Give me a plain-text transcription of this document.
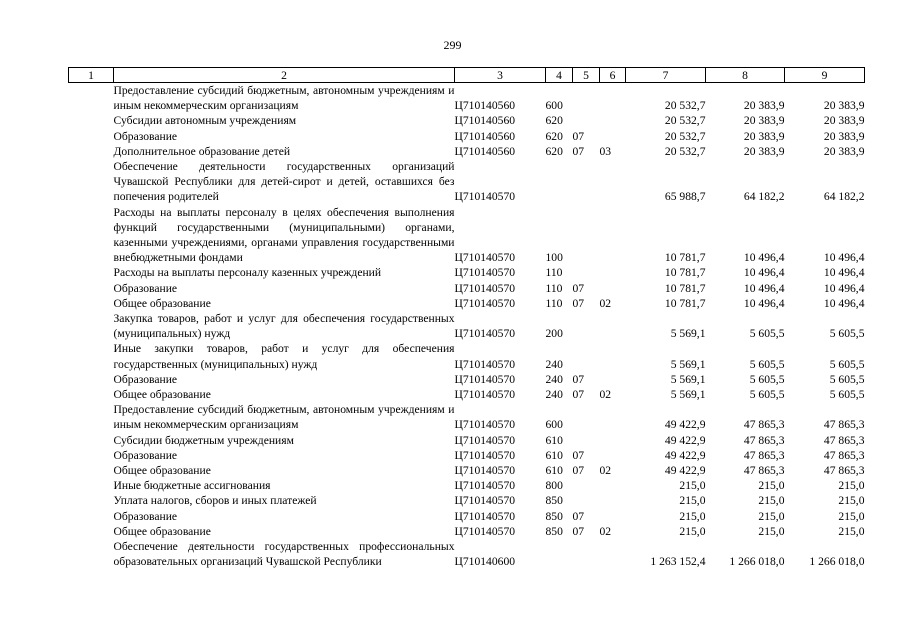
299
1	2	3	4	5	6	7	8	9
	Предоставление субсидий бюджетным, автономным учреждениям и иным некоммерческим организациям	Ц710140560	600			20 532,7	20 383,9	20 383,9
	Субсидии автономным учреждениям	Ц710140560	620			20 532,7	20 383,9	20 383,9
	Образование	Ц710140560	620	07		20 532,7	20 383,9	20 383,9
	Дополнительное образование детей	Ц710140560	620	07	03	20 532,7	20 383,9	20 383,9
	Обеспечение деятельности государственных организаций Чувашской Республики для детей-сирот и детей, оставшихся без попечения родителей	Ц710140570				65 988,7	64 182,2	64 182,2
	Расходы на выплаты персоналу в целях обеспечения выполнения функций государственными (муниципальными) органами, казенными учреждениями, органами управления государственными внебюджетными фондами	Ц710140570	100			10 781,7	10 496,4	10 496,4
	Расходы на выплаты персоналу казенных учреждений	Ц710140570	110			10 781,7	10 496,4	10 496,4
	Образование	Ц710140570	110	07		10 781,7	10 496,4	10 496,4
	Общее образование	Ц710140570	110	07	02	10 781,7	10 496,4	10 496,4
	Закупка товаров, работ и услуг для обеспечения государственных (муниципальных) нужд	Ц710140570	200			5 569,1	5 605,5	5 605,5
	Иные закупки товаров, работ и услуг для обеспечения государственных (муниципальных) нужд	Ц710140570	240			5 569,1	5 605,5	5 605,5
	Образование	Ц710140570	240	07		5 569,1	5 605,5	5 605,5
	Общее образование	Ц710140570	240	07	02	5 569,1	5 605,5	5 605,5
	Предоставление субсидий бюджетным, автономным учреждениям и иным некоммерческим организациям	Ц710140570	600			49 422,9	47 865,3	47 865,3
	Субсидии бюджетным учреждениям	Ц710140570	610			49 422,9	47 865,3	47 865,3
	Образование	Ц710140570	610	07		49 422,9	47 865,3	47 865,3
	Общее образование	Ц710140570	610	07	02	49 422,9	47 865,3	47 865,3
	Иные бюджетные ассигнования	Ц710140570	800			215,0	215,0	215,0
	Уплата налогов, сборов и иных платежей	Ц710140570	850			215,0	215,0	215,0
	Образование	Ц710140570	850	07		215,0	215,0	215,0
	Общее образование	Ц710140570	850	07	02	215,0	215,0	215,0
	Обеспечение деятельности государственных профессиональных образовательных организаций Чувашской Республики	Ц710140600				1 263 152,4	1 266 018,0	1 266 018,0
